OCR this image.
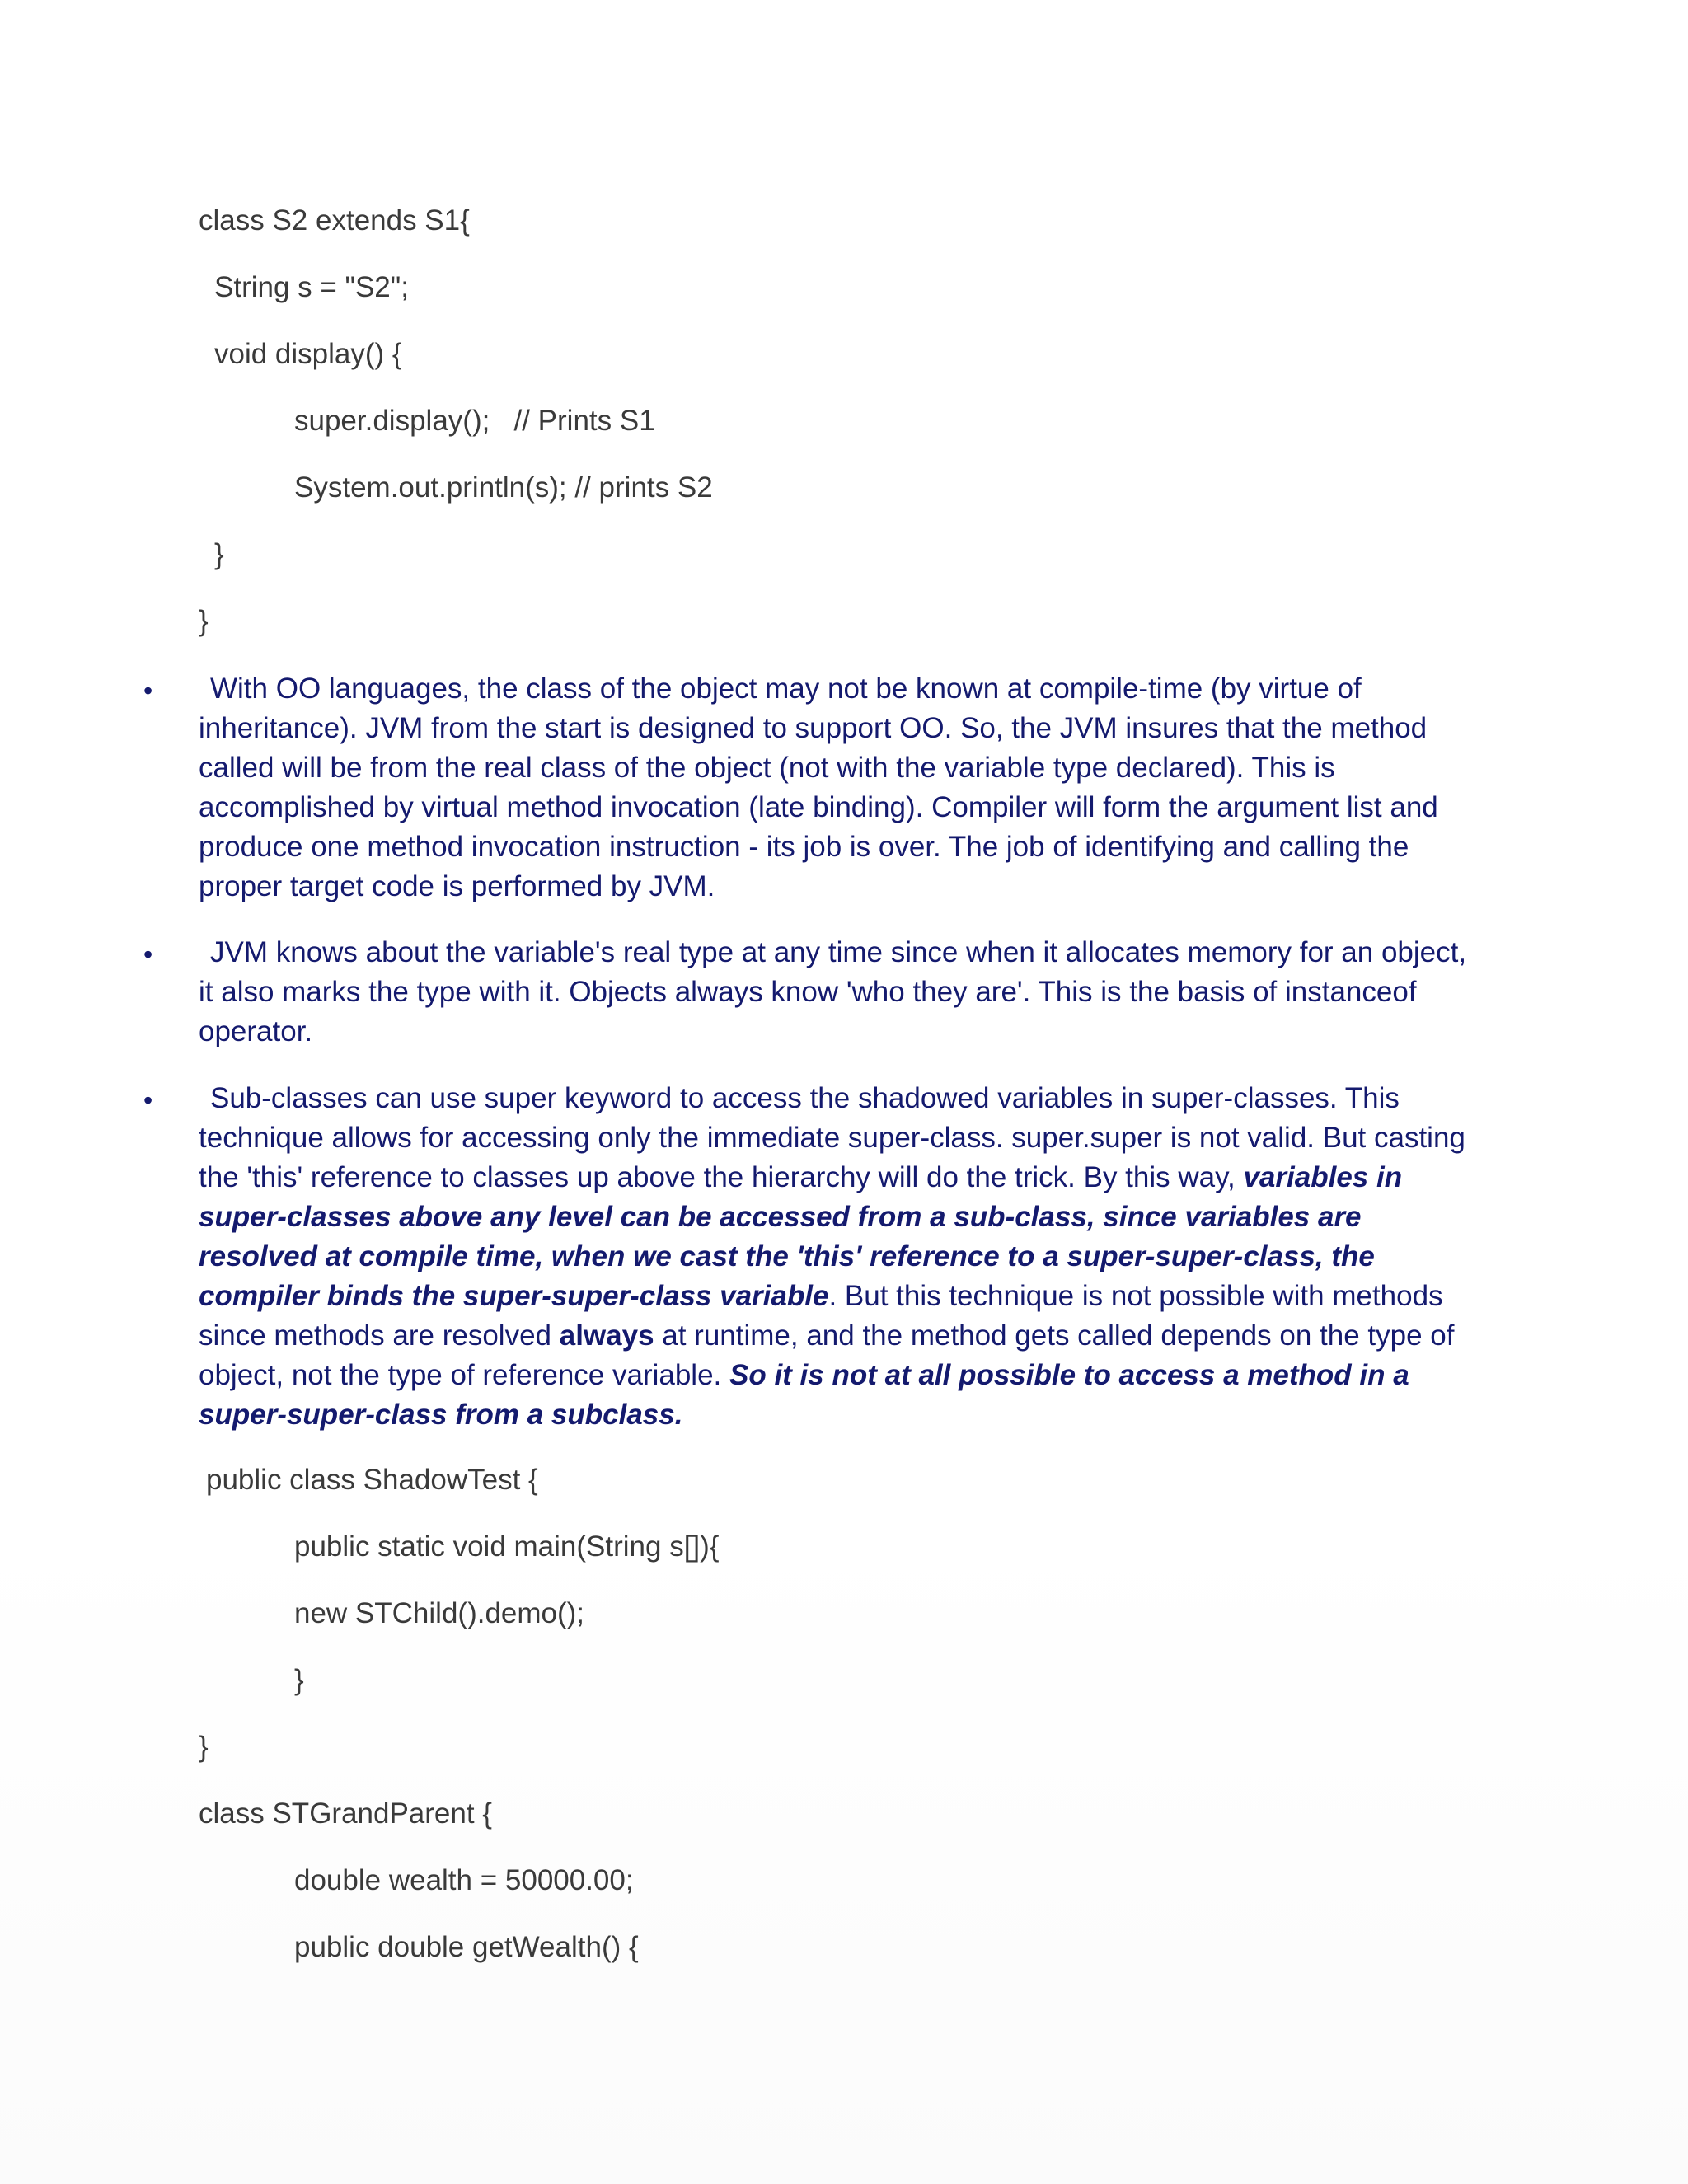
class S2 extends S1{

String s = "S2";

void display() {

super.display();   // Prints S1

System.out.println(s); // prints S2

}

}

•	With OO languages, the class of the object may not be known at compile-time (by virtue of inheritance). JVM from the start is designed to support OO. So, the JVM insures that the method called will be from the real class of the object (not with the variable type declared). This is accomplished by virtual method invocation (late binding). Compiler will form the argument list and produce one method invocation instruction - its job is over. The job of identifying and calling the proper target code is performed by JVM.

•	JVM knows about the variable's real type at any time since when it allocates memory for an object, it also marks the type with it. Objects always know 'who they are'. This is the basis of instanceof operator.

•	Sub-classes can use super keyword to access the shadowed variables in super-classes. This technique allows for accessing only the immediate super-class. super.super is not valid. But casting the 'this' reference to classes up above the hierarchy will do the trick. By this way, variables in super-classes above any level can be accessed from a sub-class, since variables are resolved at compile time, when we cast the 'this' reference to a super-super-class, the compiler binds the super-super-class variable. But this technique is not possible with methods since methods are resolved always at runtime, and the method gets called depends on the type of object, not the type of reference variable. So it is not at all possible to access a method in a super-super-class from a subclass.

public class ShadowTest {

public static void main(String s[]){

new STChild().demo();

}

}

class STGrandParent {

double wealth = 50000.00;

public double getWealth() {
